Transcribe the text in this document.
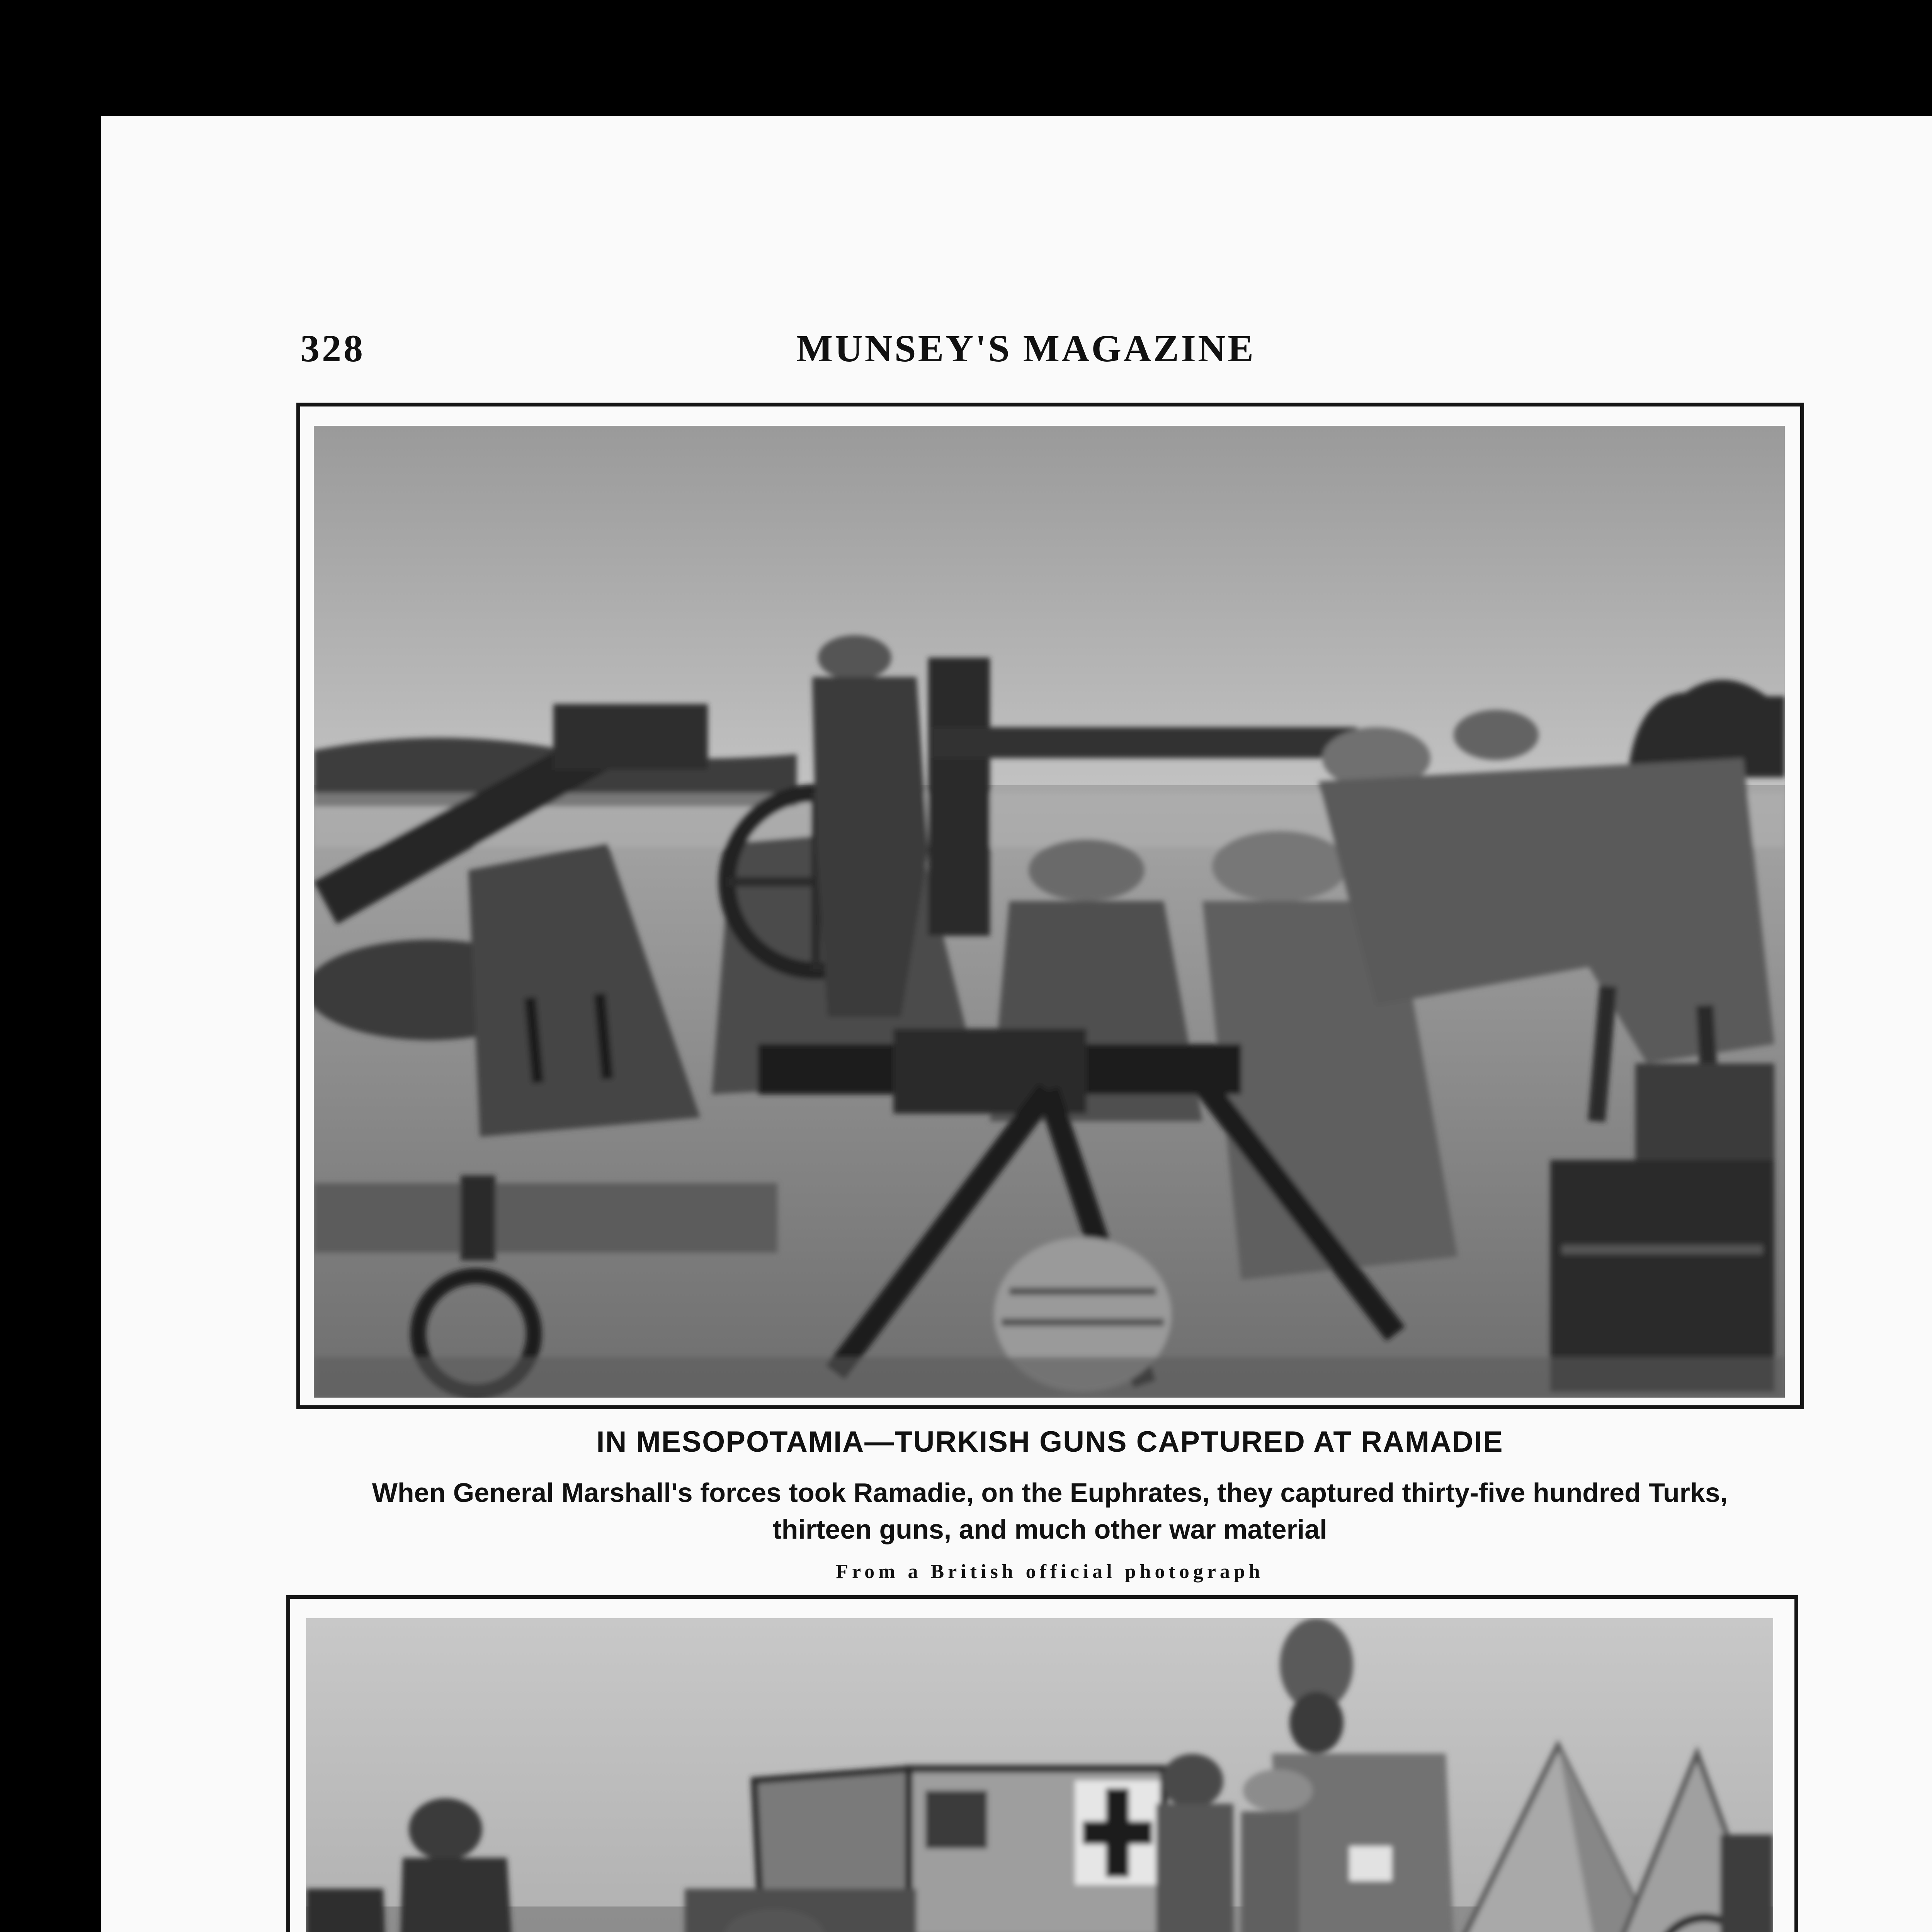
328	MUNSEY'S MAGAZINE
IN MESOPOTAMIA—TURKISH GUNS CAPTURED AT RAMADIE
When General Marshall's forces took Ramadie, on the Euphrates, they captured thirty-five hundred Turks,
thirteen guns, and much other war material
From a British official photograph
